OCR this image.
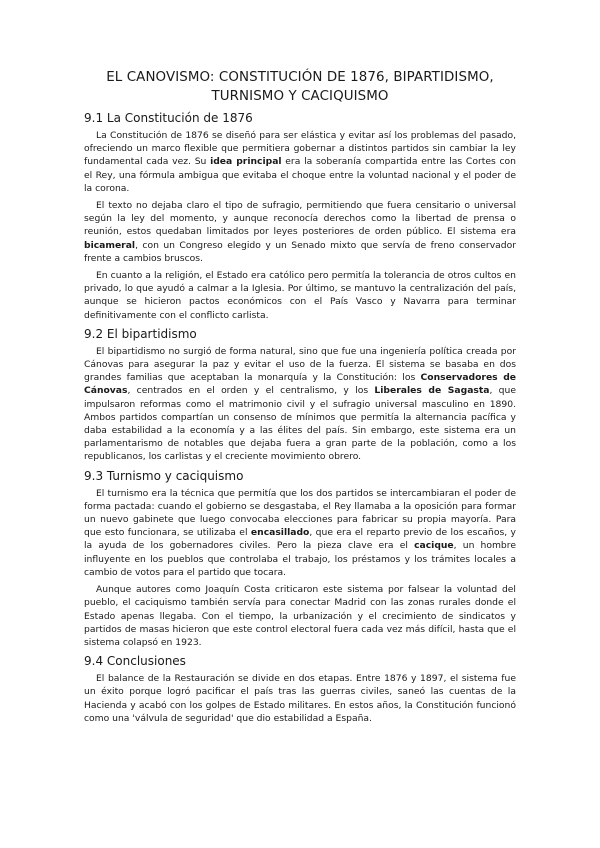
EL CANOVISMO: CONSTITUCIÓN DE 1876, BIPARTIDISMO,
TURNISMO Y CACIQUISMO
9.1 La Constitución de 1876

La Constitución de 1876 se diseñó para ser elástica y evitar así los problemas del pasado, ofreciendo un marco flexible que permitiera gobernar a distintos partidos sin cambiar la ley fundamental cada vez. Su idea principal era la soberanía compartida entre las Cortes con el Rey, una fórmula ambigua que evitaba el choque entre la voluntad nacional y el poder de la corona.

El texto no dejaba claro el tipo de sufragio, permitiendo que fuera censitario o universal según la ley del momento, y aunque reconocía derechos como la libertad de prensa o reunión, estos quedaban limitados por leyes posteriores de orden público. El sistema era bicameral, con un Congreso elegido y un Senado mixto que servía de freno conservador frente a cambios bruscos.

En cuanto a la religión, el Estado era católico pero permitía la tolerancia de otros cultos en privado, lo que ayudó a calmar a la Iglesia. Por último, se mantuvo la centralización del país, aunque se hicieron pactos económicos con el País Vasco y Navarra para terminar definitivamente con el conflicto carlista.

9.2 El bipartidismo

El bipartidismo no surgió de forma natural, sino que fue una ingeniería política creada por Cánovas para asegurar la paz y evitar el uso de la fuerza. El sistema se basaba en dos grandes familias que aceptaban la monarquía y la Constitución: los Conservadores de Cánovas, centrados en el orden y el centralismo, y los Liberales de Sagasta, que impulsaron reformas como el matrimonio civil y el sufragio universal masculino en 1890. Ambos partidos compartían un consenso de mínimos que permitía la alternancia pacífica y daba estabilidad a la economía y a las élites del país. Sin embargo, este sistema era un parlamentarismo de notables que dejaba fuera a gran parte de la población, como a los republicanos, los carlistas y el creciente movimiento obrero.

9.3 Turnismo y caciquismo

El turnismo era la técnica que permitía que los dos partidos se intercambiaran el poder de forma pactada: cuando el gobierno se desgastaba, el Rey llamaba a la oposición para formar un nuevo gabinete que luego convocaba elecciones para fabricar su propia mayoría. Para que esto funcionara, se utilizaba el encasillado, que era el reparto previo de los escaños, y la ayuda de los gobernadores civiles. Pero la pieza clave era el cacique, un hombre influyente en los pueblos que controlaba el trabajo, los préstamos y los trámites locales a cambio de votos para el partido que tocara.

Aunque autores como Joaquín Costa criticaron este sistema por falsear la voluntad del pueblo, el caciquismo también servía para conectar Madrid con las zonas rurales donde el Estado apenas llegaba. Con el tiempo, la urbanización y el crecimiento de sindicatos y partidos de masas hicieron que este control electoral fuera cada vez más difícil, hasta que el sistema colapsó en 1923.

9.4 Conclusiones

El balance de la Restauración se divide en dos etapas. Entre 1876 y 1897, el sistema fue un éxito porque logró pacificar el país tras las guerras civiles, saneó las cuentas de la Hacienda y acabó con los golpes de Estado militares. En estos años, la Constitución funcionó como una 'válvula de seguridad' que dio estabilidad a España.
